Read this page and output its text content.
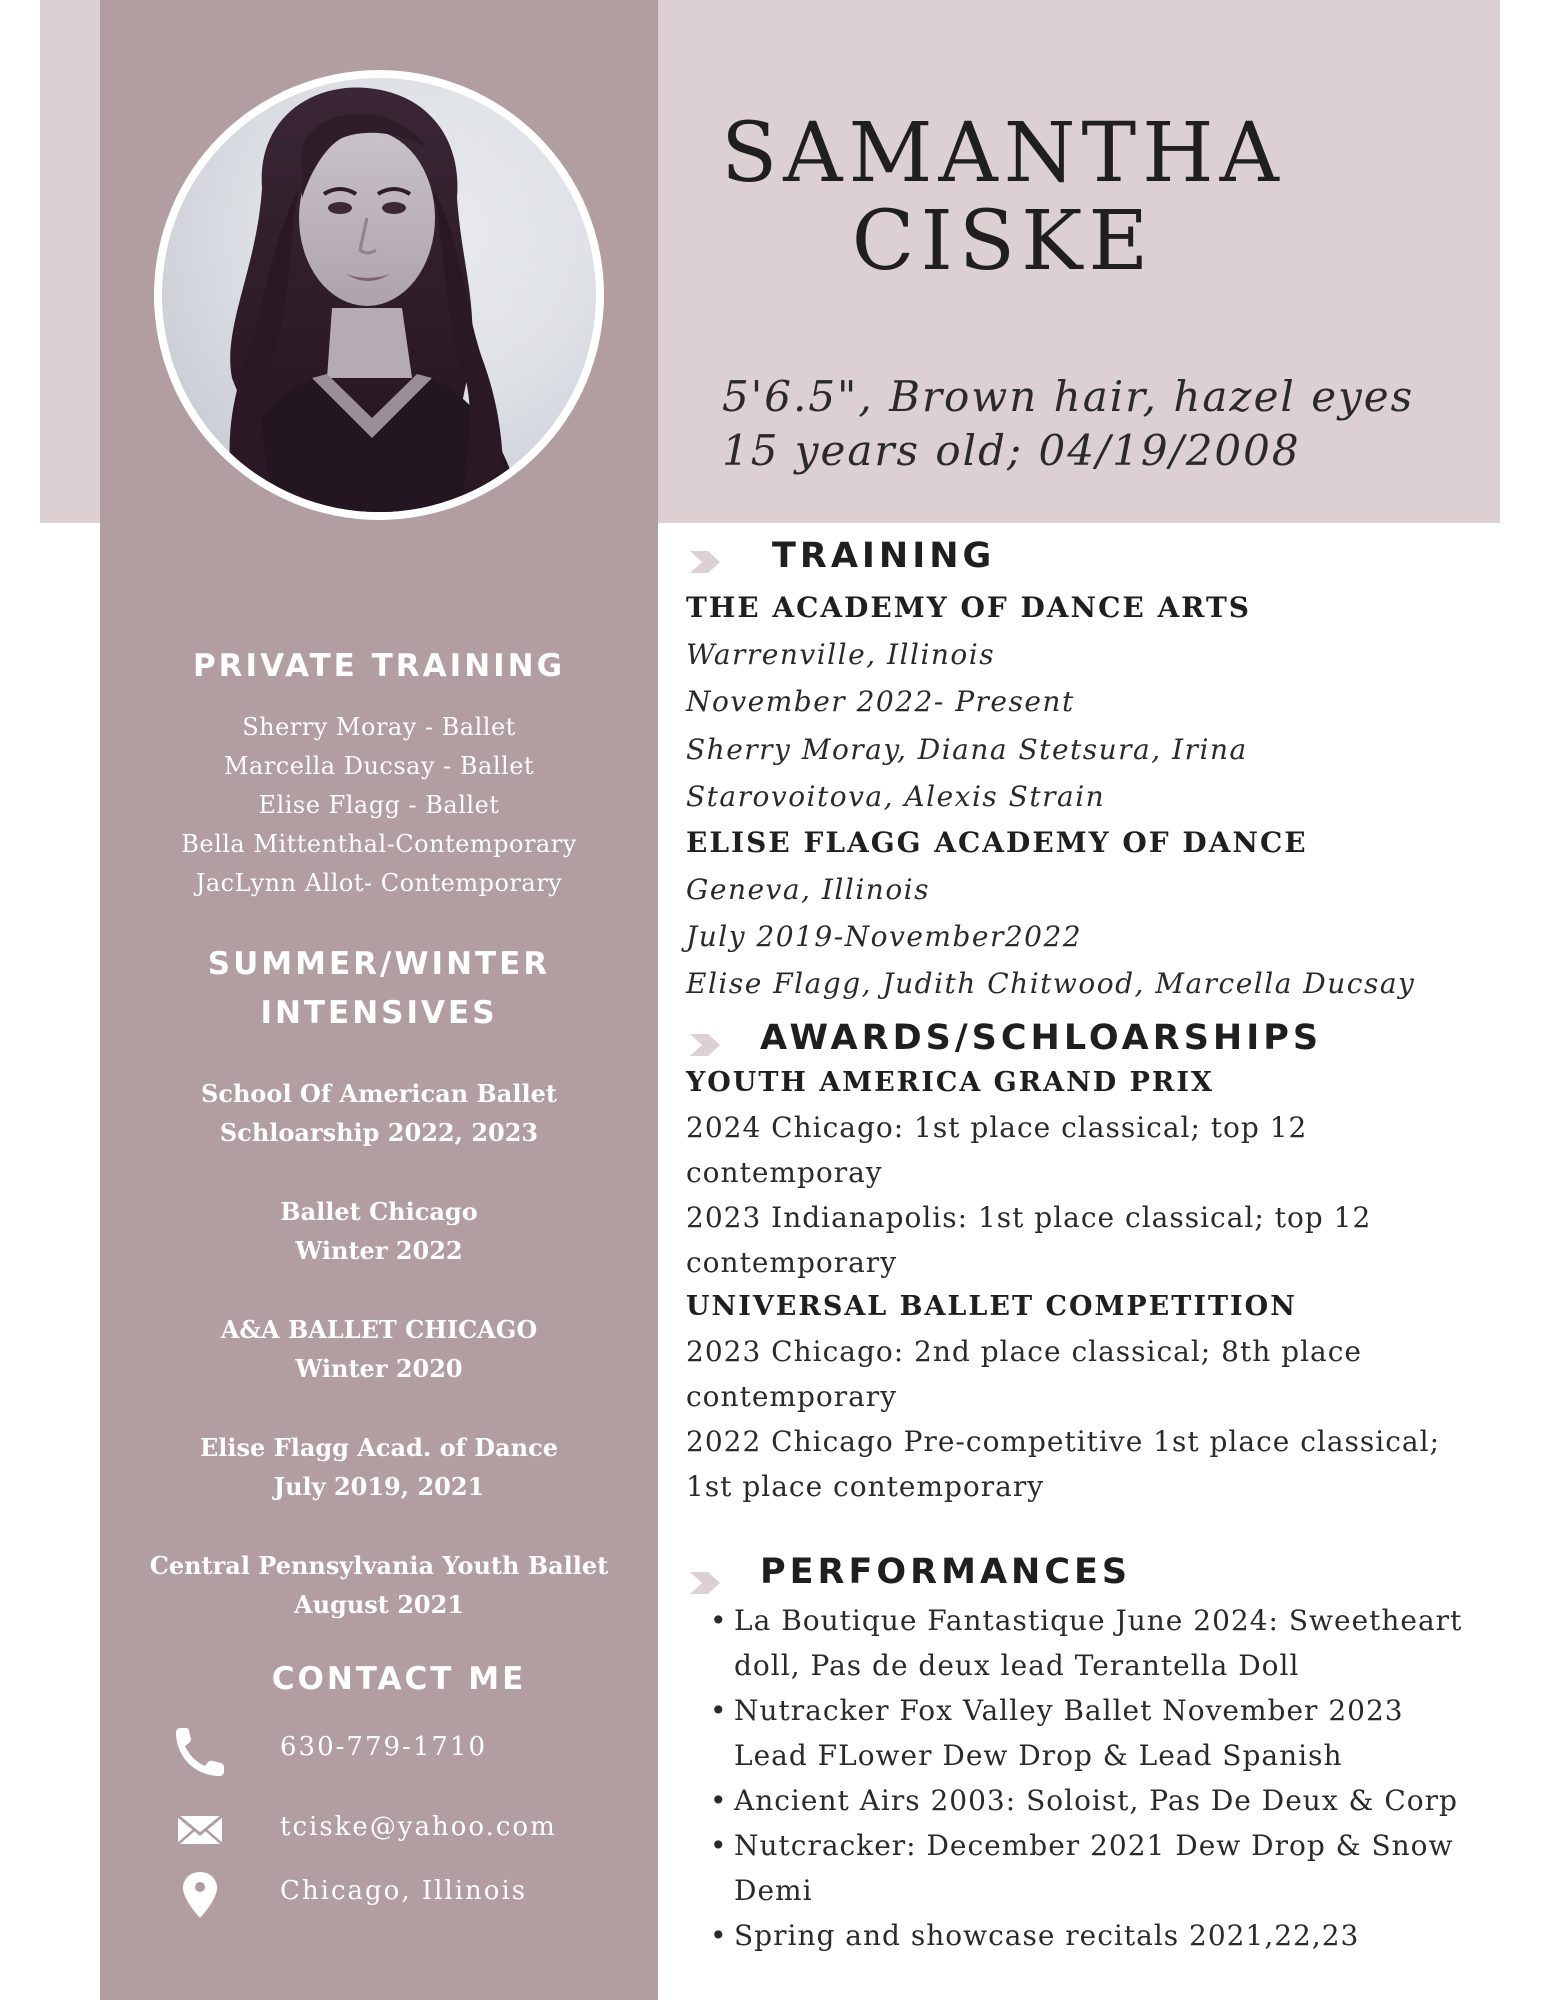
SAMANTHA
CISKE
5'6.5", Brown hair, hazel eyes
15 years old; 04/19/2008
PRIVATE TRAINING
Sherry Moray - Ballet
Marcella Ducsay - Ballet
Elise Flagg - Ballet
Bella Mittenthal-Contemporary
JacLynn Allot- Contemporary
SUMMER/WINTER
INTENSIVES
School Of American Ballet
Schloarship 2022, 2023
Ballet Chicago
Winter 2022
A&A BALLET CHICAGO
Winter 2020
Elise Flagg Acad. of Dance
July 2019, 2021
Central Pennsylvania Youth Ballet
August 2021
CONTACT ME
630-779-1710
tciske@yahoo.com
Chicago, Illinois
TRAINING
THE ACADEMY OF DANCE ARTS
Warrenville, Illinois
November 2022- Present
Sherry Moray, Diana Stetsura, Irina
Starovoitova, Alexis Strain
ELISE FLAGG ACADEMY OF DANCE
Geneva, Illinois
July 2019-November2022
Elise Flagg, Judith Chitwood, Marcella Ducsay
AWARDS/SCHLOARSHIPS
YOUTH AMERICA GRAND PRIX
2024 Chicago: 1st place classical; top 12
contemporay
2023 Indianapolis: 1st place classical; top 12
contemporary
UNIVERSAL BALLET COMPETITION
2023 Chicago: 2nd place classical; 8th place
contemporary
2022 Chicago Pre-competitive 1st place classical;
1st place contemporary
PERFORMANCES
• La Boutique Fantastique June 2024: Sweetheart
doll, Pas de deux lead Terantella Doll
• Nutracker Fox Valley Ballet November 2023
Lead FLower Dew Drop & Lead Spanish
• Ancient Airs 2003: Soloist, Pas De Deux & Corp
• Nutcracker: December 2021 Dew Drop & Snow
Demi
• Spring and showcase recitals 2021,22,23
